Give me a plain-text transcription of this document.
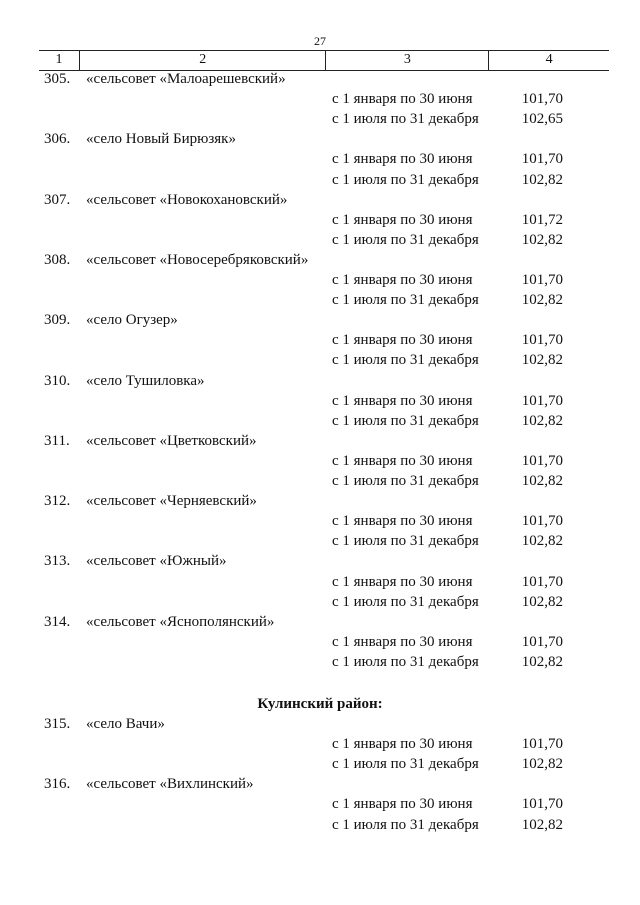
27
1	2	3	4
305.	«сельсовет «Малоарешевский»
с 1 января по 30 июня	101,70
с 1 июля по 31 декабря	102,65
306.	«село Новый Бирюзяк»
с 1 января по 30 июня	101,70
с 1 июля по 31 декабря	102,82
307.	«сельсовет «Новокохановский»
с 1 января по 30 июня	101,72
с 1 июля по 31 декабря	102,82
308.	«сельсовет «Новосеребряковский»
с 1 января по 30 июня	101,70
с 1 июля по 31 декабря	102,82
309.	«село Огузер»
с 1 января по 30 июня	101,70
с 1 июля по 31 декабря	102,82
310.	«село Тушиловка»
с 1 января по 30 июня	101,70
с 1 июля по 31 декабря	102,82
311.	«сельсовет «Цветковский»
с 1 января по 30 июня	101,70
с 1 июля по 31 декабря	102,82
312.	«сельсовет «Черняевский»
с 1 января по 30 июня	101,70
с 1 июля по 31 декабря	102,82
313.	«сельсовет «Южный»
с 1 января по 30 июня	101,70
с 1 июля по 31 декабря	102,82
314.	«сельсовет «Яснополянский»
с 1 января по 30 июня	101,70
с 1 июля по 31 декабря	102,82
Кулинский район:
315.	«село Вачи»
с 1 января по 30 июня	101,70
с 1 июля по 31 декабря	102,82
316.	«сельсовет «Вихлинский»
с 1 января по 30 июня	101,70
с 1 июля по 31 декабря	102,82
